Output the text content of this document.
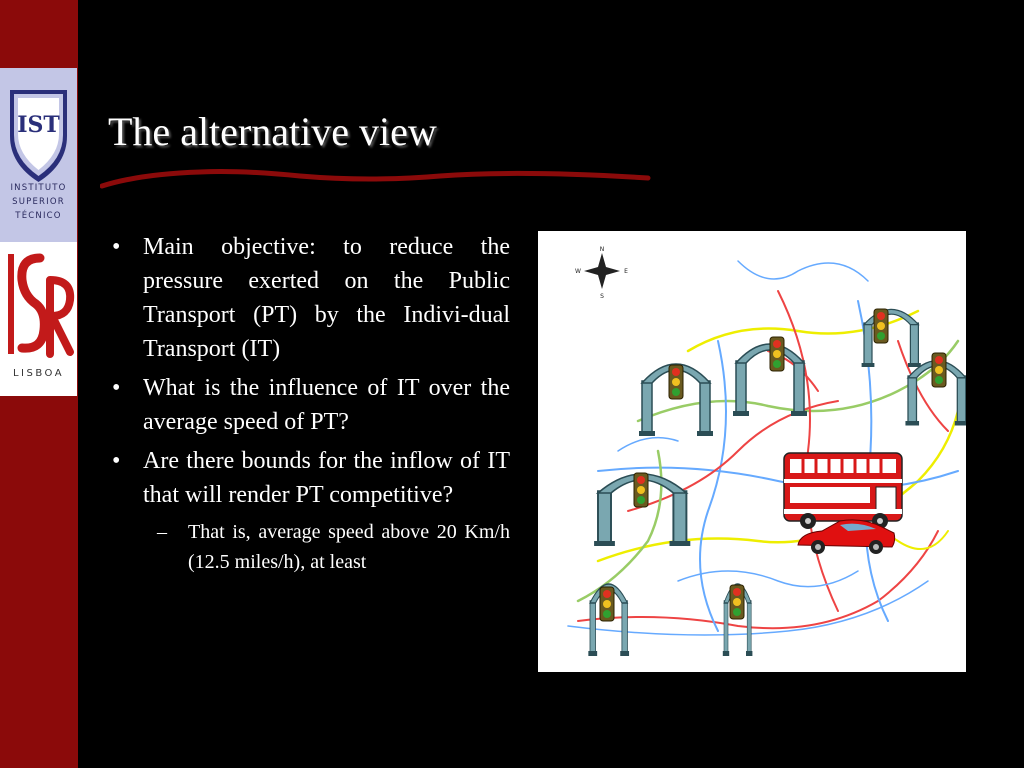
IST
INSTITUTO
SUPERIOR
TÉCNICO
LISBOA
The alternative view

• Main objective: to reduce the pressure exerted on the Public Transport (PT) by the Indivi-dual Transport (IT)

• What is the influence of IT over the average speed of PT?

• Are there bounds for the inflow of IT that will render PT competitive?

– That is, average speed above 20 Km/h (12.5 miles/h), at least

N
S
E
W
